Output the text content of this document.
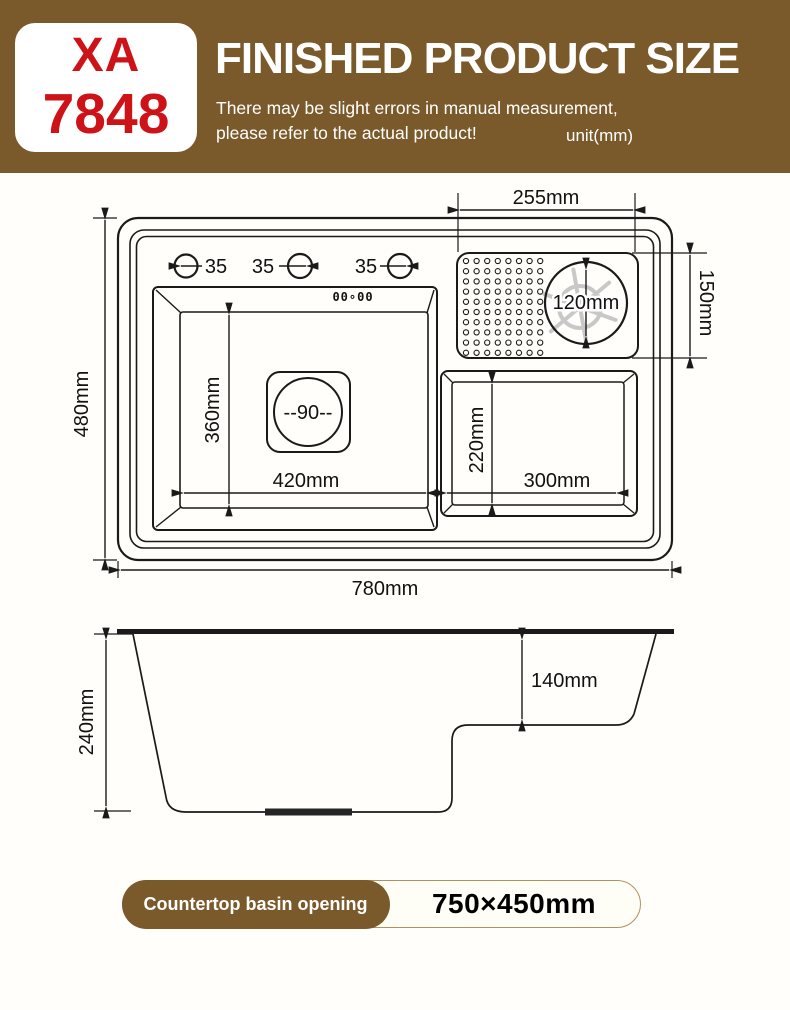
XA
7848
FINISHED PRODUCT SIZE
There may be slight errors in manual measurement,
please refer to the actual product!	unit(mm)
35 35	35
00∘00
--90--
360mm
420mm
120mm
220mm
300mm
255mm
150mm
480mm
780mm
240mm
140mm
Countertop basin opening	750×450mm
